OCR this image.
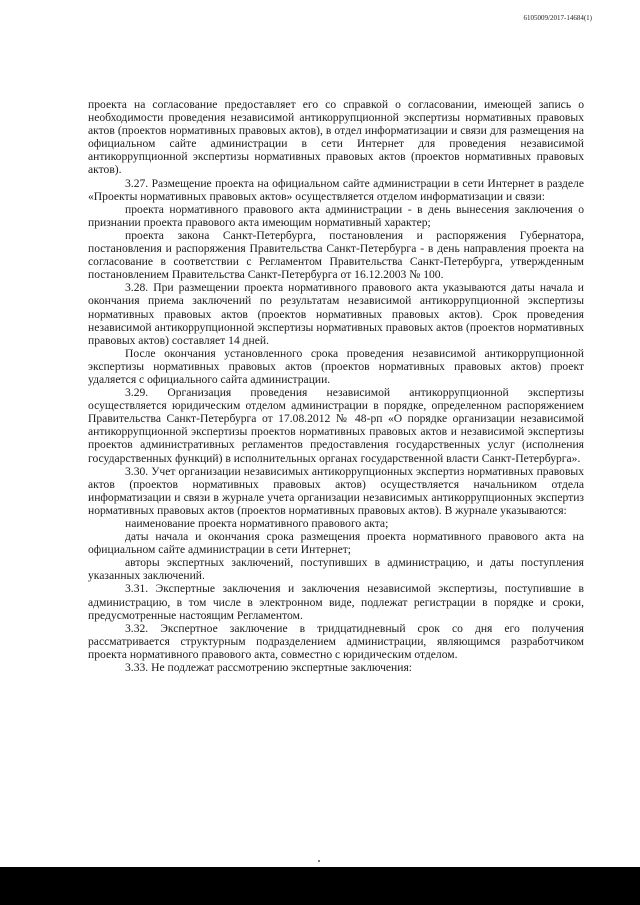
6105009/2017-14684(1)

проекта на согласование предоставляет его со справкой о согласовании, имеющей запись о необходимости проведения независимой антикоррупционной экспертизы нормативных правовых актов (проектов нормативных правовых актов), в отдел информатизации и связи для размещения на официальном сайте администрации в сети Интернет для проведения независимой антикоррупционной экспертизы нормативных правовых актов (проектов нормативных правовых актов).

3.27. Размещение проекта на официальном сайте администрации в сети Интернет в разделе «Проекты нормативных правовых актов» осуществляется отделом информатизации и связи:

проекта нормативного правового акта администрации - в день вынесения заключения о признании проекта правового акта имеющим нормативный характер;

проекта закона Санкт-Петербурга, постановления и распоряжения Губернатора, постановления и распоряжения Правительства Санкт-Петербурга - в день направления проекта на согласование в соответствии с Регламентом Правительства Санкт-Петербурга, утвержденным постановлением Правительства Санкт-Петербурга от 16.12.2003 № 100.

3.28. При размещении проекта нормативного правового акта указываются даты начала и окончания приема заключений по результатам независимой антикоррупционной экспертизы нормативных правовых актов (проектов нормативных правовых актов). Срок проведения независимой антикоррупционной экспертизы нормативных правовых актов (проектов нормативных правовых актов) составляет 14 дней.

После окончания установленного срока проведения независимой антикоррупционной экспертизы нормативных правовых актов (проектов нормативных правовых актов) проект удаляется с официального сайта администрации.

3.29. Организация проведения независимой антикоррупционной экспертизы осуществляется юридическим отделом администрации в порядке, определенном распоряжением Правительства Санкт-Петербурга от 17.08.2012 № 48-рп «О порядке организации независимой антикоррупционной экспертизы проектов нормативных правовых актов и независимой экспертизы проектов административных регламентов предоставления государственных услуг (исполнения государственных функций) в исполнительных органах государственной власти Санкт-Петербурга».

3.30. Учет организации независимых антикоррупционных экспертиз нормативных правовых актов (проектов нормативных правовых актов) осуществляется начальником отдела информатизации и связи в журнале учета организации независимых антикоррупционных экспертиз нормативных правовых актов (проектов нормативных правовых актов). В журнале указываются:

наименование проекта нормативного правового акта;

даты начала и окончания срока размещения проекта нормативного правового акта на официальном сайте администрации в сети Интернет;

авторы экспертных заключений, поступивших в администрацию, и даты поступления указанных заключений.

3.31. Экспертные заключения и заключения независимой экспертизы, поступившие в администрацию, в том числе в электронном виде, подлежат регистрации в порядке и сроки, предусмотренные настоящим Регламентом.

3.32. Экспертное заключение в тридцатидневный срок со дня его получения рассматривается структурным подразделением администрации, являющимся разработчиком проекта нормативного правового акта, совместно с юридическим отделом.

3.33. Не подлежат рассмотрению экспертные заключения:
